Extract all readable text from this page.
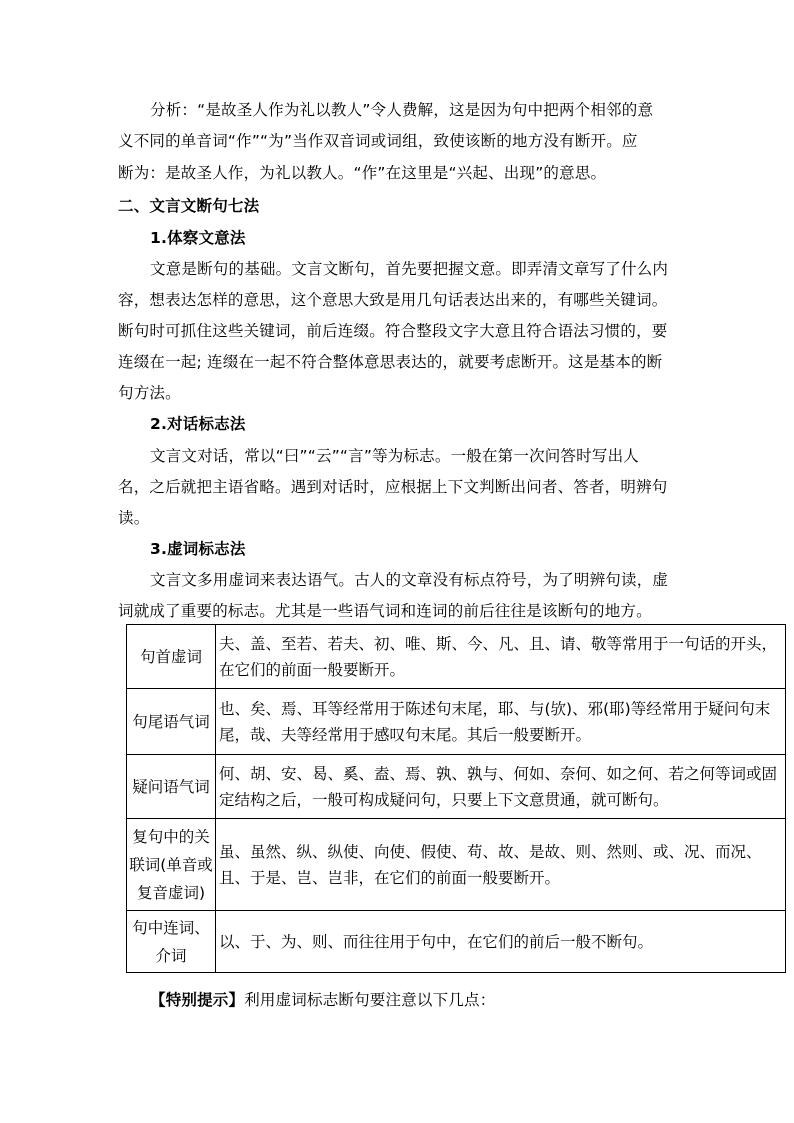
分析：“是故圣人作为礼以教人”令人费解，这是因为句中把两个相邻的意
义不同的单音词“作”“为”当作双音词或词组，致使该断的地方没有断开。应
断为：是故圣人作，为礼以教人。“作”在这里是“兴起、出现”的意思。
二、文言文断句七法
1.体察文意法
文意是断句的基础。文言文断句，首先要把握文意。即弄清文章写了什么内
容，想表达怎样的意思，这个意思大致是用几句话表达出来的，有哪些关键词。
断句时可抓住这些关键词，前后连缀。符合整段文字大意且符合语法习惯的，要
连缀在一起; 连缀在一起不符合整体意思表达的，就要考虑断开。这是基本的断
句方法。
2.对话标志法
文言文对话，常以“曰”“云”“言”等为标志。一般在第一次问答时写出人
名，之后就把主语省略。遇到对话时，应根据上下文判断出问者、答者，明辨句
读。
3.虚词标志法
文言文多用虚词来表达语气。古人的文章没有标点符号，为了明辨句读，虚
词就成了重要的标志。尤其是一些语气词和连词的前后往往是该断句的地方。
句首虚词	夫、盖、至若、若夫、初、唯、斯、今、凡、且、请、敬等常用于一句话的开头，在它们的前面一般要断开。
句尾语气词	也、矣、焉、耳等经常用于陈述句末尾，耶、与(欤)、邪(耶)等经常用于疑问句末尾，哉、夫等经常用于感叹句末尾。其后一般要断开。
疑问语气词	何、胡、安、曷、奚、盍、焉、孰、孰与、何如、奈何、如之何、若之何等词或固定结构之后，一般可构成疑问句，只要上下文意贯通，就可断句。
复句中的关联词(单音或复音虚词)	虽、虽然、纵、纵使、向使、假使、苟、故、是故、则、然则、或、况、而况、且、于是、岂、岂非，在它们的前面一般要断开。
句中连词、介词	以、于、为、则、而往往用于句中，在它们的前后一般不断句。
【特别提示】利用虚词标志断句要注意以下几点：
